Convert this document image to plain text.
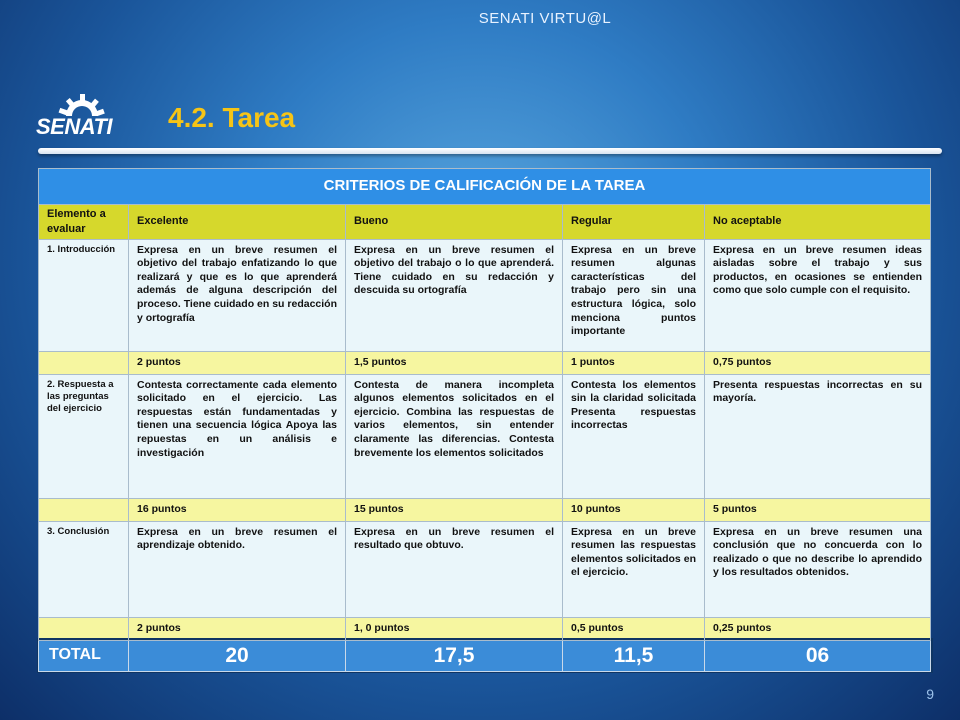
SENATI VIRTU@L
SENATI 4.2. Tarea
CRITERIOS DE CALIFICACIÓN DE LA TAREA				
Elemento a evaluar	Excelente	Bueno	Regular	No aceptable
1. Introducción	Expresa en un breve resumen el objetivo del trabajo enfatizando lo que realizará y que es lo que aprenderá además de alguna descripción del proceso. Tiene cuidado en su redacción y ortografía	Expresa en un breve resumen el objetivo del trabajo o lo que aprenderá. Tiene cuidado en su redacción y descuida su ortografía	Expresa en un breve resumen algunas características del trabajo pero sin una estructura lógica, solo menciona puntos importante	Expresa en un breve resumen ideas aisladas sobre el trabajo y sus productos, en ocasiones se entienden como que solo cumple con el requisito.
	2 puntos	1,5 puntos	1 puntos	0,75 puntos
2. Respuesta a las preguntas del ejercicio	Contesta correctamente cada elemento solicitado en el ejercicio. Las respuestas están fundamentadas y tienen una secuencia lógica Apoya las repuestas en un análisis e investigación	Contesta de manera incompleta algunos elementos solicitados en el ejercicio. Combina las respuestas de varios elementos, sin entender claramente las diferencias. Contesta brevemente los elementos solicitados	Contesta los elementos sin la claridad solicitada Presenta respuestas incorrectas	Presenta respuestas incorrectas en su mayoría.
	16 puntos	15 puntos	10 puntos	5 puntos
3. Conclusión	Expresa en un breve resumen el aprendizaje obtenido.	Expresa en un breve resumen el resultado que obtuvo.	Expresa en un breve resumen las respuestas elementos solicitados en el ejercicio.	Expresa en un breve resumen una conclusión que no concuerda con lo realizado o que no describe lo aprendido y los resultados obtenidos.
	2 puntos	1, 0 puntos	0,5 puntos	0,25 puntos
TOTAL	20	17,5	11,5	06
9
